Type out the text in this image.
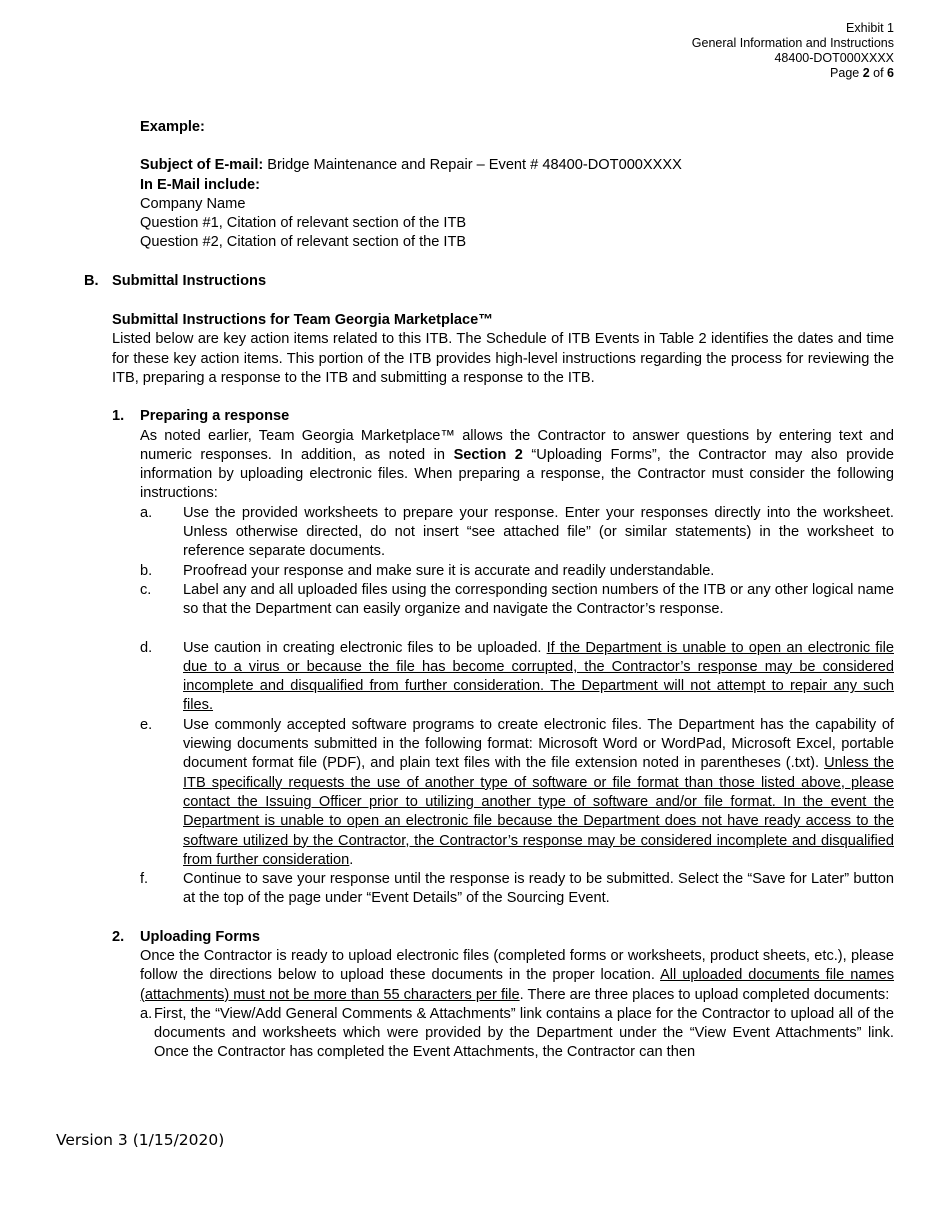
Exhibit 1
General Information and Instructions
48400-DOT000XXXX
Page 2 of 6

Example:

Subject of E-mail: Bridge Maintenance and Repair – Event # 48400-DOT000XXXX

In E-Mail include:

Company Name

Question #1, Citation of relevant section of the ITB

Question #2, Citation of relevant section of the ITB

B. Submittal Instructions

Submittal Instructions for Team Georgia Marketplace™

Listed below are key action items related to this ITB. The Schedule of ITB Events in Table 2 identifies the dates and time for these key action items. This portion of the ITB provides high-level instructions regarding the process for reviewing the ITB, preparing a response to the ITB and submitting a response to the ITB.

1.	Preparing a response

As noted earlier, Team Georgia Marketplace™ allows the Contractor to answer questions by entering text and numeric responses. In addition, as noted in Section 2 “Uploading Forms”, the Contractor may also provide information by uploading electronic files. When preparing a response, the Contractor must consider the following instructions:

a.	Use the provided worksheets to prepare your response. Enter your responses directly into the worksheet. Unless otherwise directed, do not insert “see attached file” (or similar statements) in the worksheet to reference separate documents.
b.	Proofread your response and make sure it is accurate and readily understandable.
c.	Label any and all uploaded files using the corresponding section numbers of the ITB or any other logical name so that the Department can easily organize and navigate the Contractor’s response.
d.	Use caution in creating electronic files to be uploaded. If the Department is unable to open an electronic file due to a virus or because the file has become corrupted, the Contractor’s response may be considered incomplete and disqualified from further consideration. The Department will not attempt to repair any such files.
e.	Use commonly accepted software programs to create electronic files. The Department has the capability of viewing documents submitted in the following format: Microsoft Word or WordPad, Microsoft Excel, portable document format file (PDF), and plain text files with the file extension noted in parentheses (.txt). Unless the ITB specifically requests the use of another type of software or file format than those listed above, please contact the Issuing Officer prior to utilizing another type of software and/or file format. In the event the Department is unable to open an electronic file because the Department does not have ready access to the software utilized by the Contractor, the Contractor’s response may be considered incomplete and disqualified from further consideration.
f.	Continue to save your response until the response is ready to be submitted. Select the “Save for Later” button at the top of the page under “Event Details” of the Sourcing Event.
2.	Uploading Forms

Once the Contractor is ready to upload electronic files (completed forms or worksheets, product sheets, etc.), please follow the directions below to upload these documents in the proper location. All uploaded documents file names (attachments) must not be more than 55 characters per file. There are three places to upload completed documents:

a. First, the “View/Add General Comments & Attachments” link contains a place for the Contractor to upload all of the documents and worksheets which were provided by the Department under the “View Event Attachments” link. Once the Contractor has completed the Event Attachments, the Contractor can then
Version 3 (1/15/2020)
